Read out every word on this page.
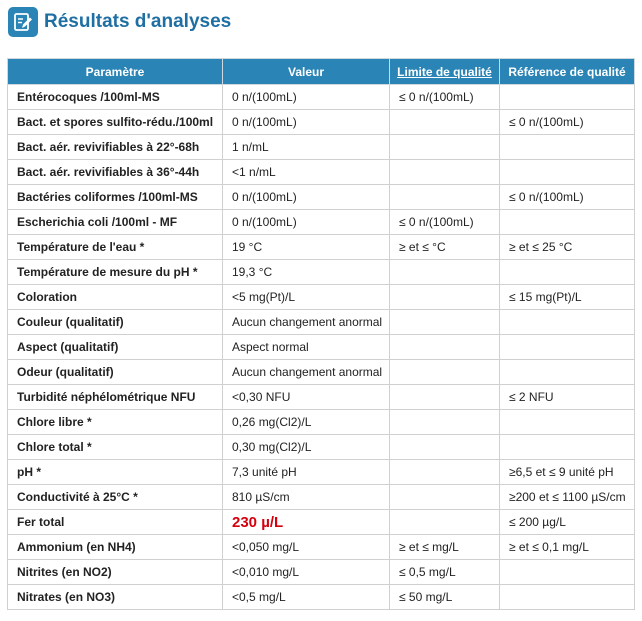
Résultats d'analyses
Paramètre	Valeur	Limite de qualité	Référence de qualité
Entérocoques /100ml-MS	0 n/(100mL)	≤ 0 n/(100mL)	
Bact. et spores sulfito-rédu./100ml	0 n/(100mL)		≤ 0 n/(100mL)
Bact. aér. revivifiables à 22°-68h	1 n/mL		
Bact. aér. revivifiables à 36°-44h	<1 n/mL		
Bactéries coliformes /100ml-MS	0 n/(100mL)		≤ 0 n/(100mL)
Escherichia coli /100ml - MF	0 n/(100mL)	≤ 0 n/(100mL)	
Température de l'eau *	19 °C	≥ et ≤ °C	≥ et ≤ 25 °C
Température de mesure du pH *	19,3 °C		
Coloration	<5 mg(Pt)/L		≤ 15 mg(Pt)/L
Couleur (qualitatif)	Aucun changement anormal		
Aspect (qualitatif)	Aspect normal		
Odeur (qualitatif)	Aucun changement anormal		
Turbidité néphélométrique NFU	<0,30 NFU		≤ 2 NFU
Chlore libre *	0,26 mg(Cl2)/L		
Chlore total *	0,30 mg(Cl2)/L		
pH *	7,3 unité pH		≥6,5 et ≤ 9 unité pH
Conductivité à 25°C *	810 µS/cm		≥200 et ≤ 1100 µS/cm
Fer total	230 µ/L		≤ 200 µg/L
Ammonium (en NH4)	<0,050 mg/L	≥ et ≤ mg/L	≥ et ≤ 0,1 mg/L
Nitrites (en NO2)	<0,010 mg/L	≤ 0,5 mg/L	
Nitrates (en NO3)	<0,5 mg/L	≤ 50 mg/L	
